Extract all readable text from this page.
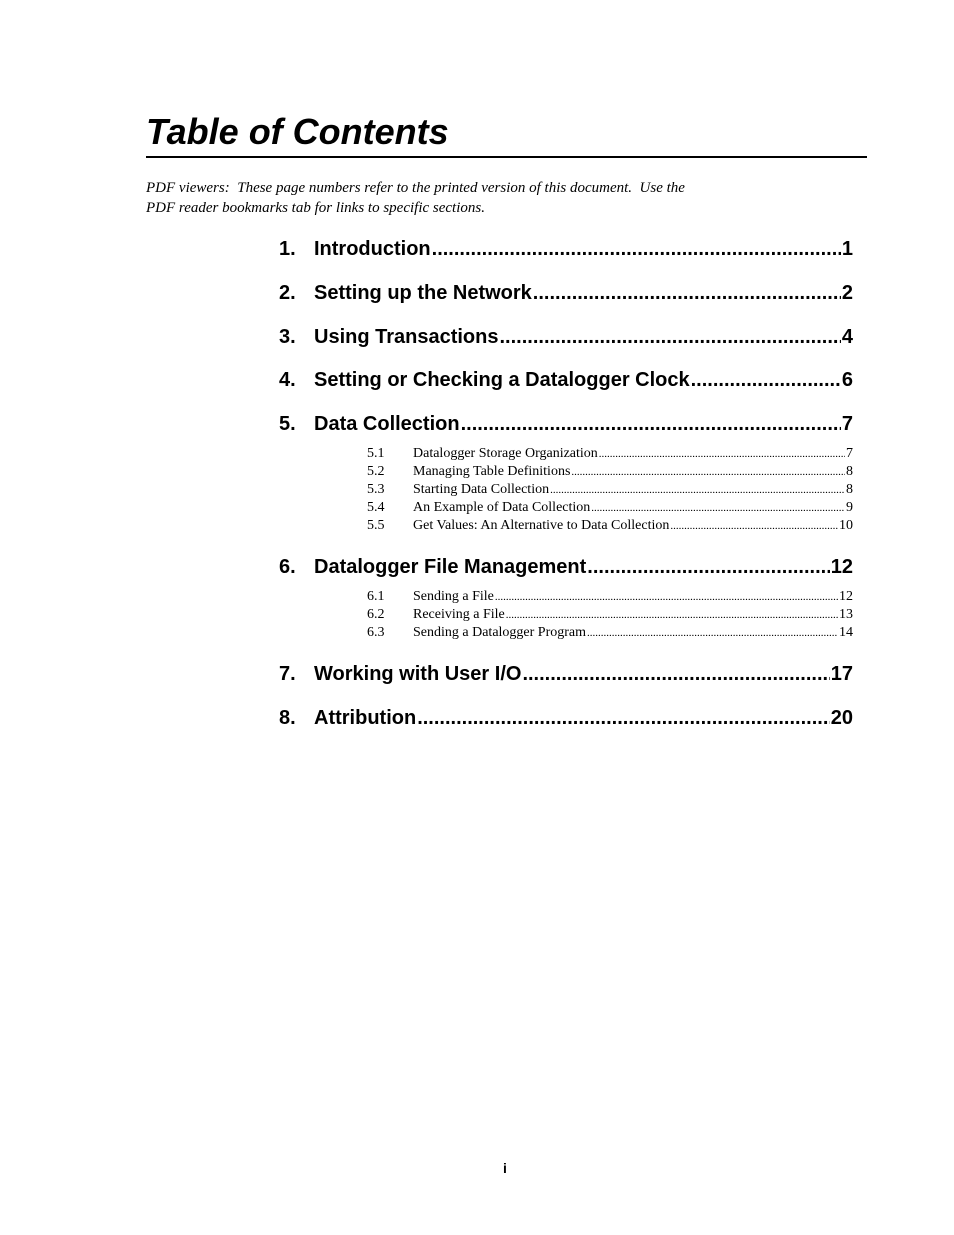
Table of Contents
PDF viewers:  These page numbers refer to the printed version of this document.  Use the
PDF reader bookmarks tab for links to specific sections.
1. Introduction .....	1
2. Setting up the Network .....	2
3. Using Transactions .....	4
4. Setting or Checking a Datalogger Clock .....	6
5. Data Collection .....	7
5.1	Datalogger Storage Organization .....	7
5.2	Managing Table Definitions .....	8
5.3	Starting Data Collection .....	8
5.4	An Example of Data Collection .....	9
5.5	Get Values: An Alternative to Data Collection .....	10
6. Datalogger File Management .....	12
6.1	Sending a File .....	12
6.2	Receiving a File .....	13
6.3	Sending a Datalogger Program .....	14
7. Working with User I/O .....	17
8. Attribution .....	20
i
